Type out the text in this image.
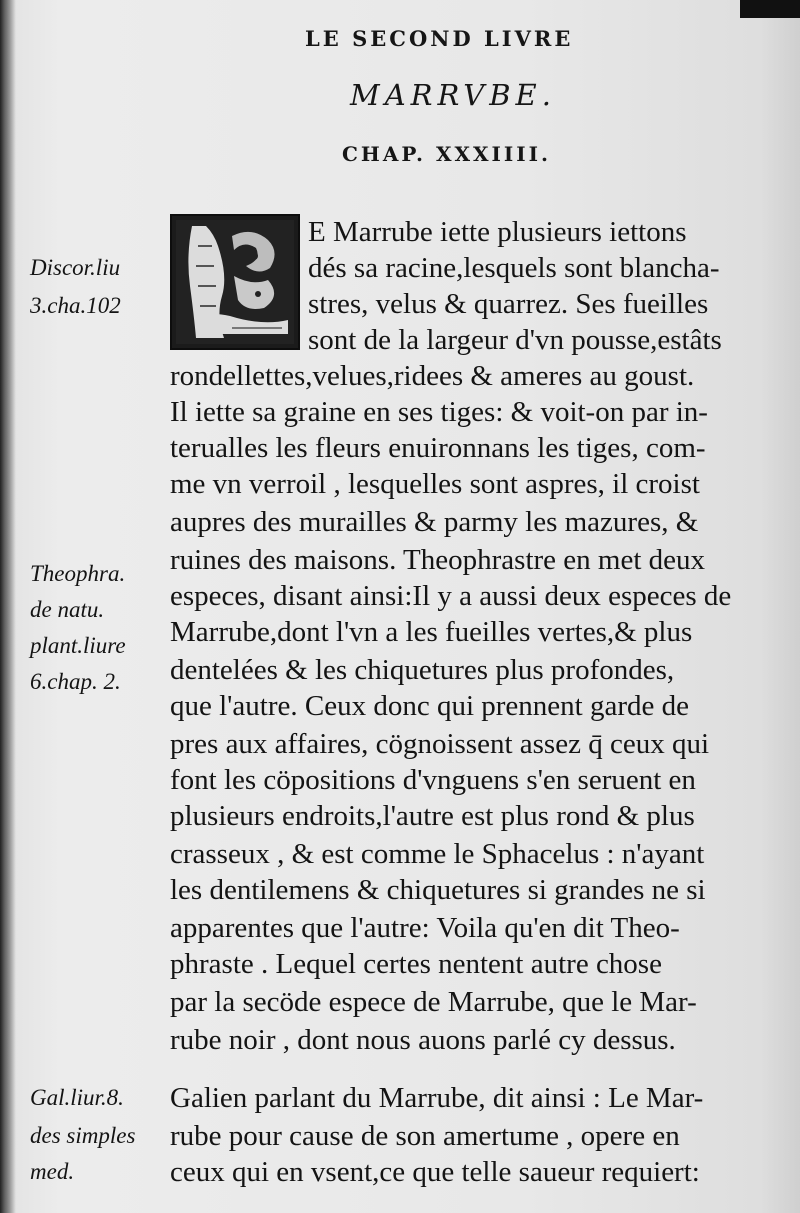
LE SECOND LIVRE
MARRVBE.
CHAP. XXXIIII.
E Marrube iette plusieurs iettons
dés sa racine,lesquels sont blancha-
stres, velus & quarrez. Ses fueilles
sont de la largeur d'vn pousse,estâts
rondellettes,velues,ridees & ameres au goust.
Il iette sa graine en ses tiges: & voit-on par in-
terualles les fleurs enuironnans les tiges, com-
me vn verroil , lesquelles sont aspres, il croist
aupres des murailles & parmy les mazures, &
ruines des maisons. Theophrastre en met deux
especes, disant ainsi:Il y a aussi deux especes de
Marrube,dont l'vn a les fueilles vertes,& plus
dentelées & les chiquetures plus profondes,
que l'autre. Ceux donc qui prennent garde de
pres aux affaires, cögnoissent assez q̄ ceux qui
font les cöpositions d'vnguens s'en seruent en
plusieurs endroits,l'autre est plus rond & plus
crasseux , & est comme le Sphacelus : n'ayant
les dentilemens & chiquetures si grandes ne si
apparentes que l'autre: Voila qu'en dit Theo-
phraste . Lequel certes nentent autre chose
par la secöde espece de Marrube, que le Mar-
rube noir , dont nous auons parlé cy dessus.
Galien parlant du Marrube, dit ainsi : Le Mar-
rube pour cause de son amertume , opere en
ceux qui en vsent,ce que telle saueur requiert:
Discor.liu
3.cha.102
Theophra.
de natu.
plant.liure
6.chap. 2.
Gal.liur.8.
des simples
med.
